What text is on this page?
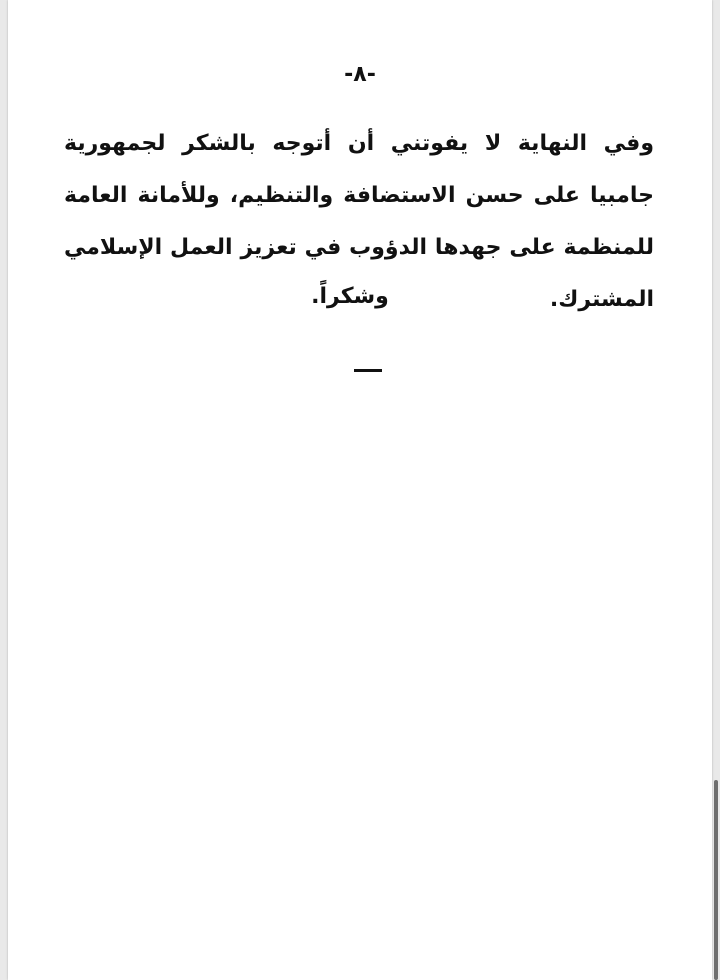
-٨-
وفي النهاية لا يفوتني أن أتوجه بالشكر لجمهورية جامبيا على حسن الاستضافة والتنظيم، وللأمانة العامة للمنظمة على جهدها الدؤوب في تعزيز العمل الإسلامي المشترك.
وشكراً.
